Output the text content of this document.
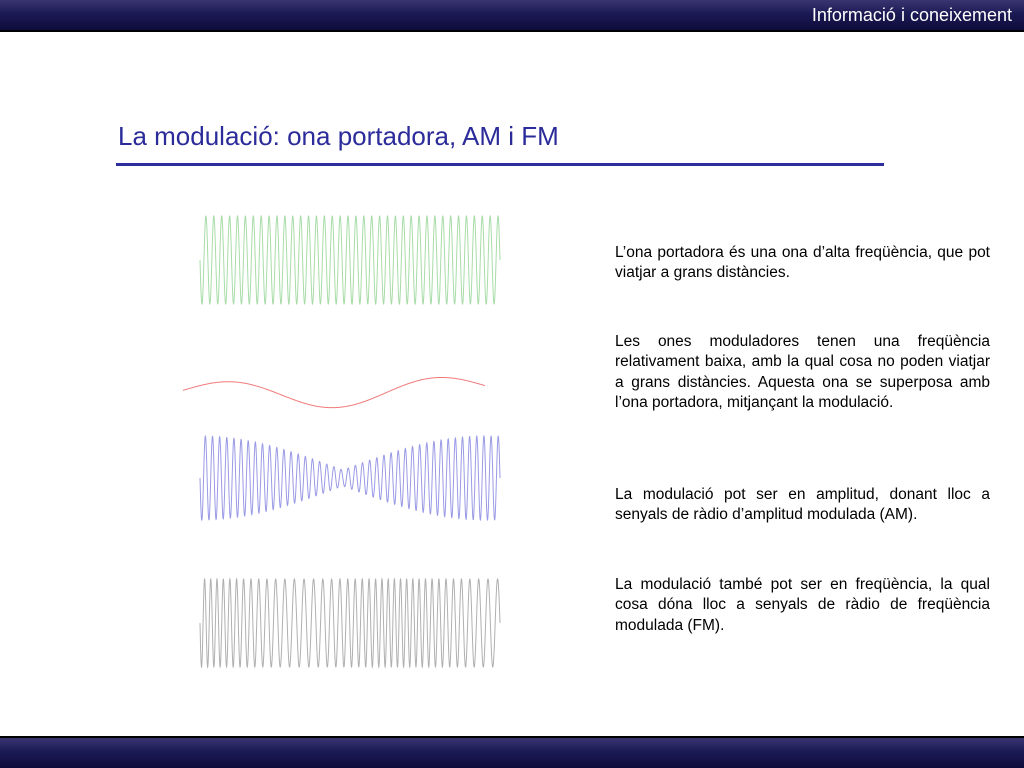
Informació i coneixement
La modulació: ona portadora, AM i FM

L’ona portadora és una ona d’alta freqüència, que pot viatjar a grans distàncies.

Les ones moduladores tenen una freqüència relativament baixa, amb la qual cosa no poden viatjar a grans distàncies. Aquesta ona se superposa amb l’ona portadora, mitjançant la modulació.

La modulació pot ser en amplitud, donant lloc a senyals de ràdio d’amplitud modulada (AM).

La modulació també pot ser en freqüència, la qual cosa dóna lloc a senyals de ràdio de freqüència modulada (FM).
